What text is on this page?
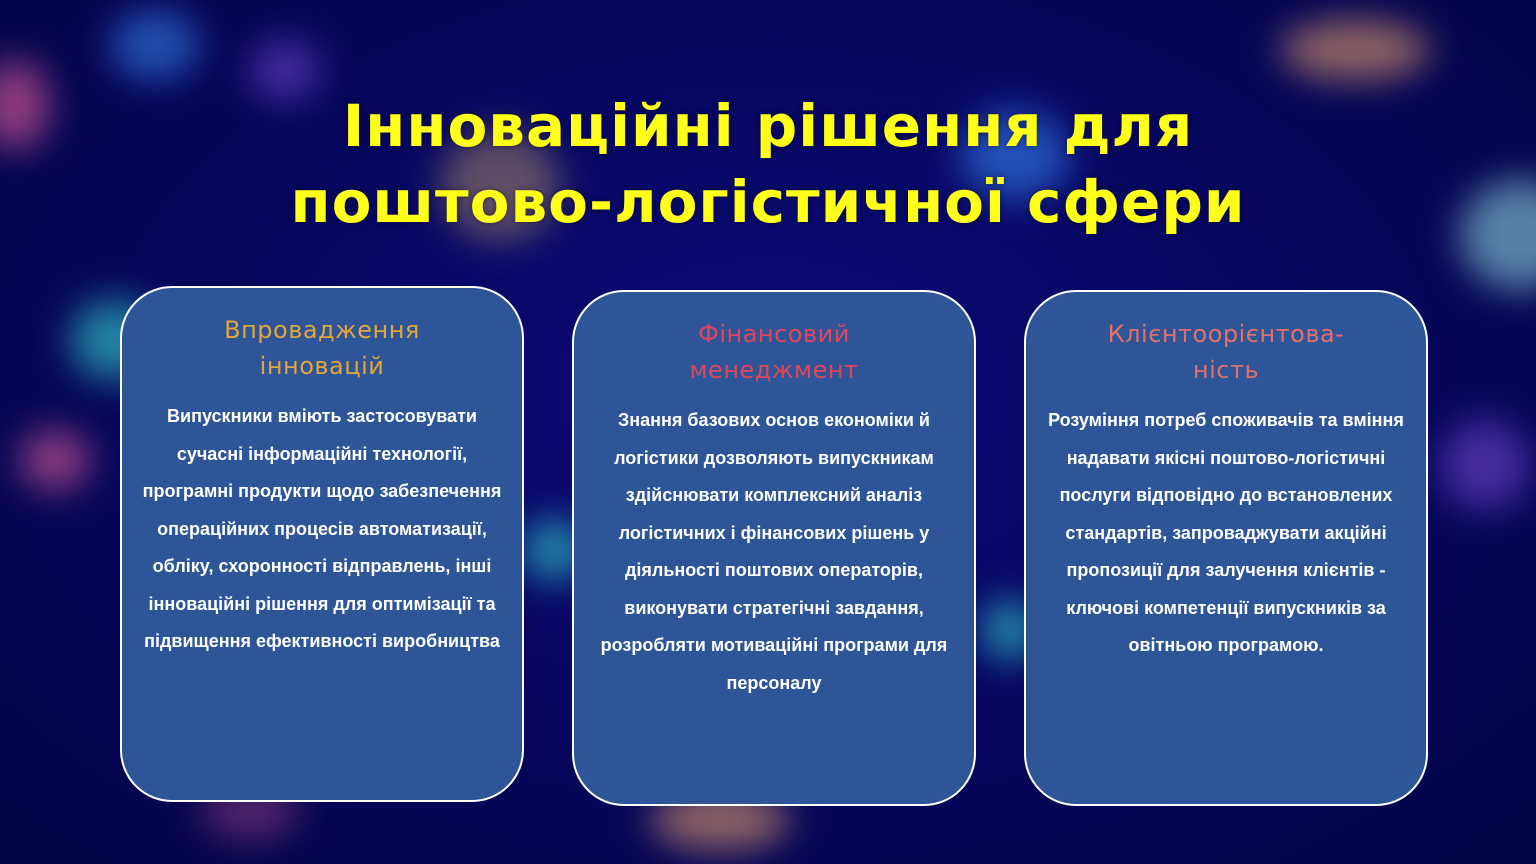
Інноваційні рішення для
поштово-логістичної сфери
Впровадження
інновацій
Випускники вміють застосовувати сучасні інформаційні технології, програмні продукти щодо забезпечення операційних процесів автоматизації, обліку, схоронності відправлень, інші інноваційні рішення для оптимізації та підвищення ефективності виробництва
Фінансовий
менеджмент
Знання базових основ економіки й логістики дозволяють випускникам здійснювати комплексний аналіз логістичних і фінансових рішень у діяльності поштових операторів, виконувати стратегічні завдання, розробляти мотиваційні програми для персоналу
Клієнтоорієнтова-
ність
Розуміння потреб споживачів та вміння надавати якісні поштово-логістичні послуги відповідно до встановлених стандартів, запроваджувати акційні пропозиції для залучення клієнтів - ключові компетенції випускників за овітньою програмою.
